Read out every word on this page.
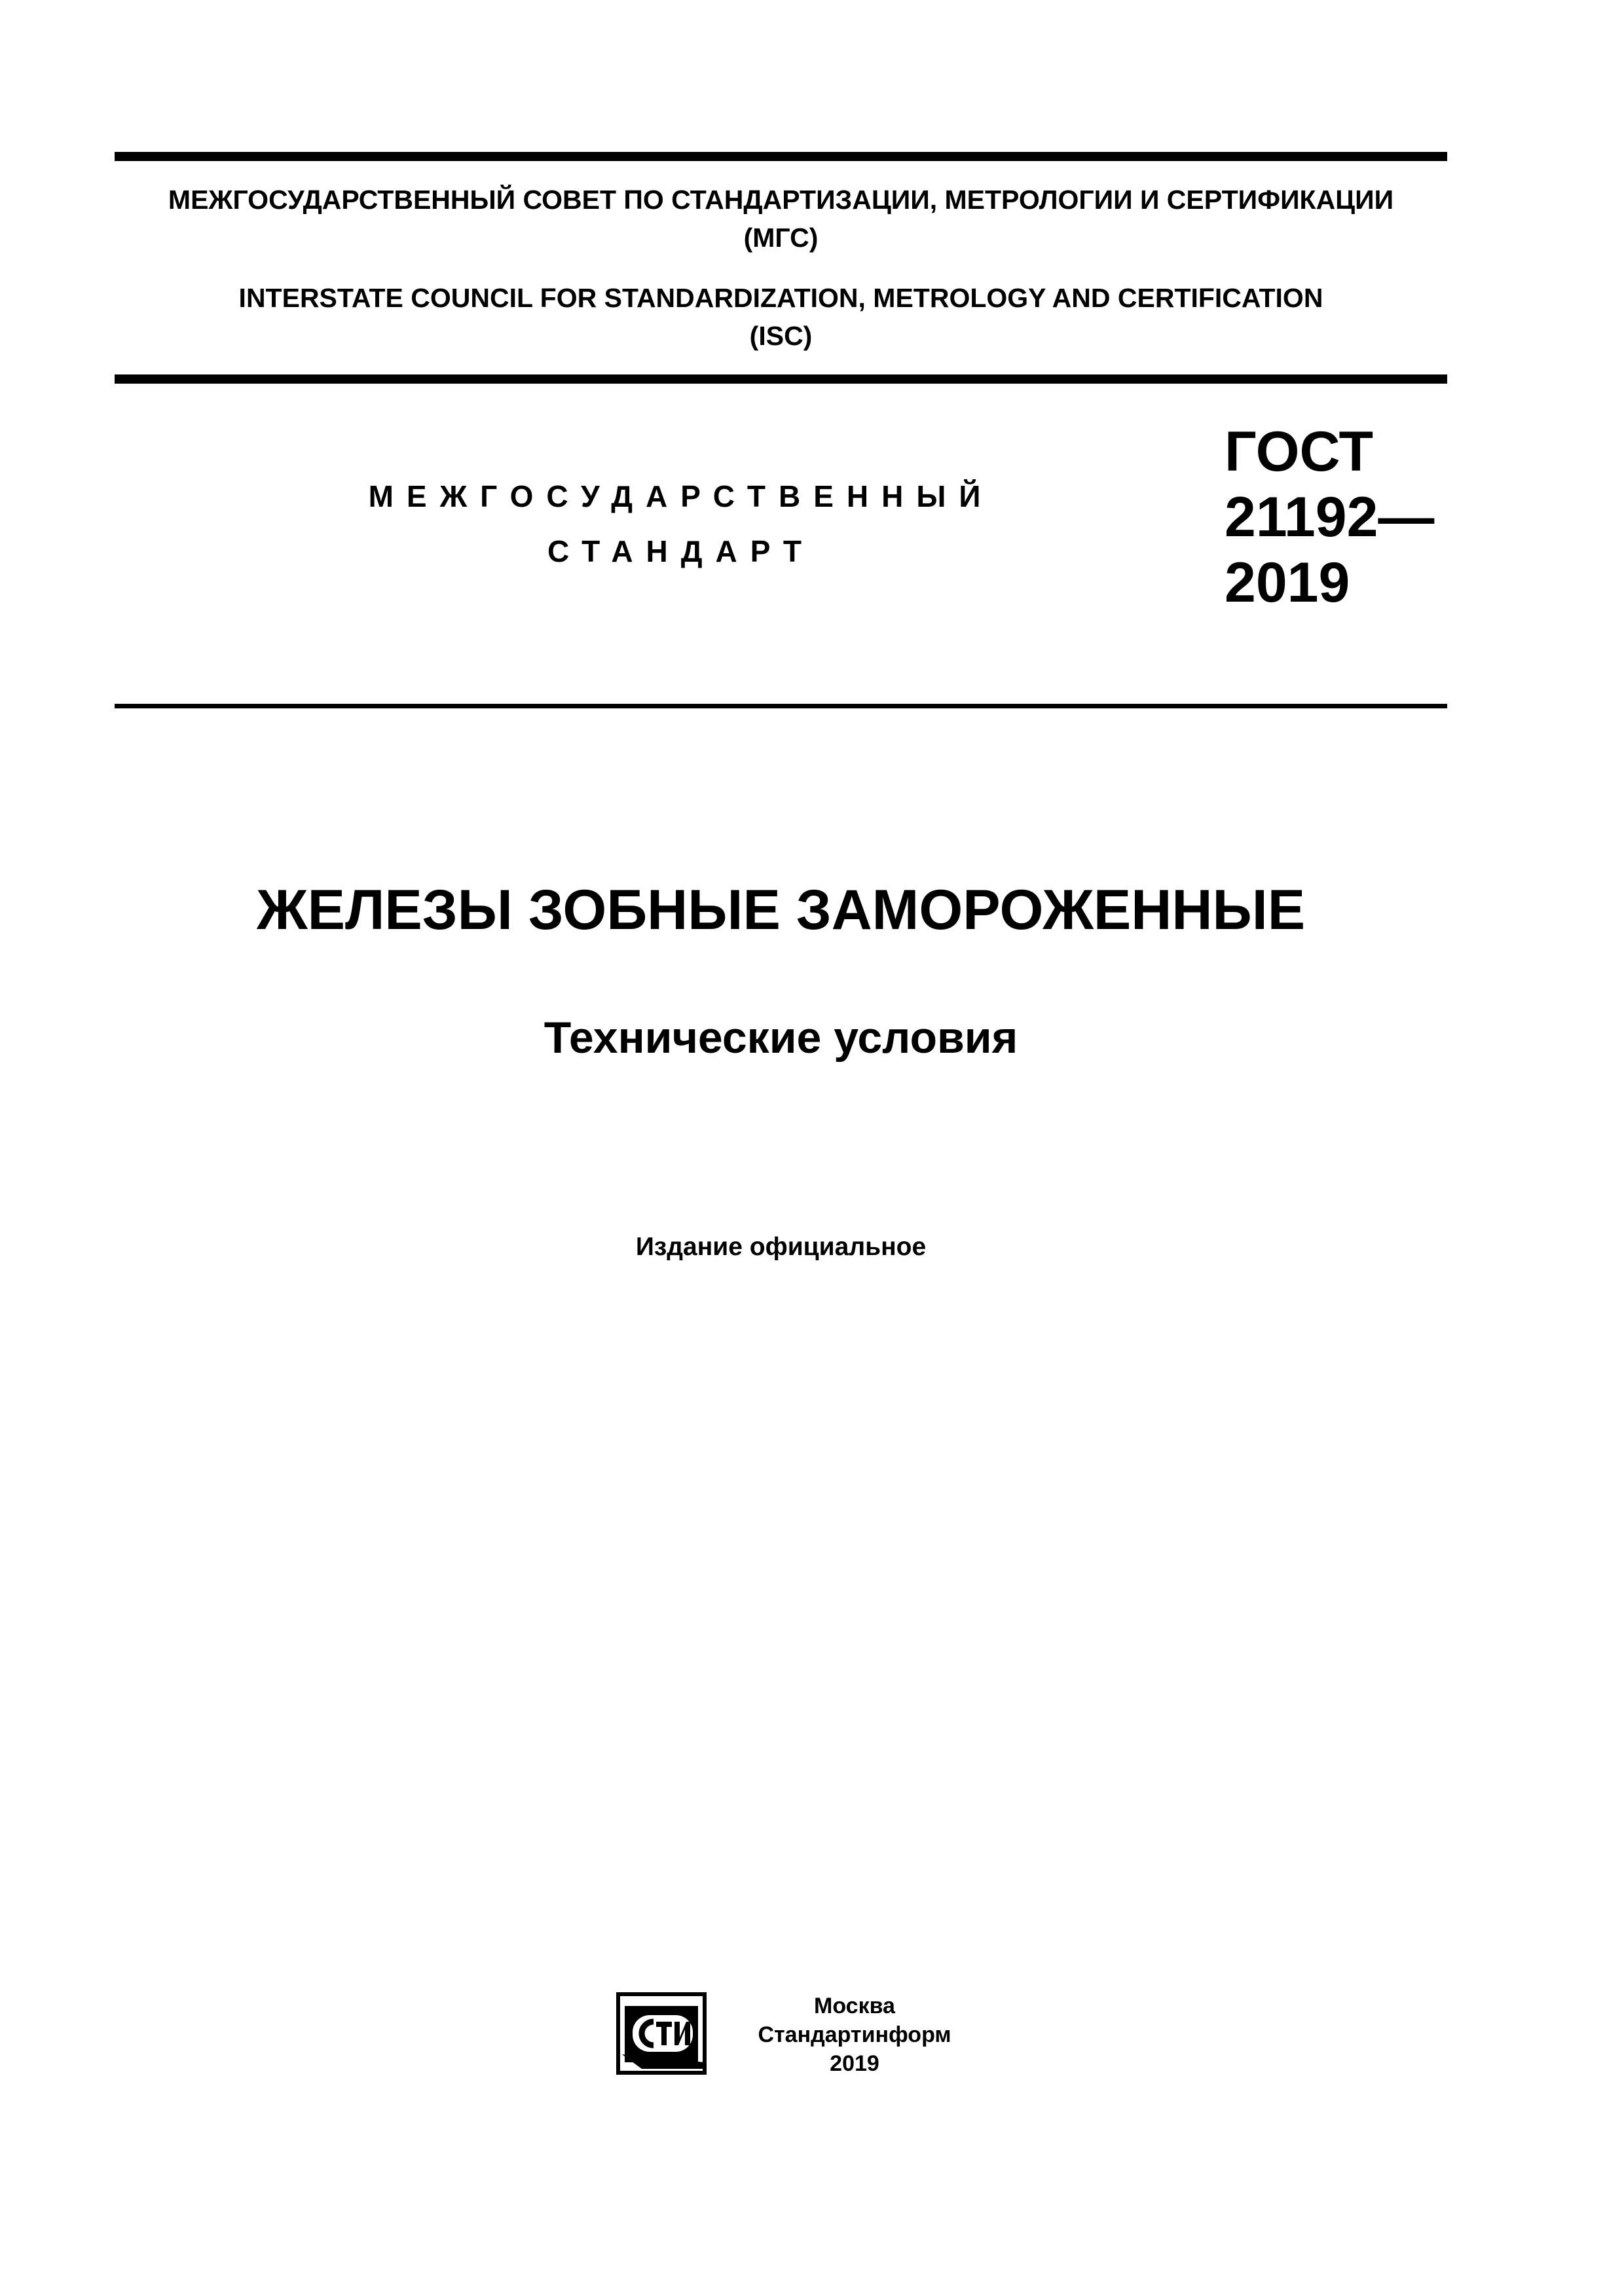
МЕЖГОСУДАРСТВЕННЫЙ СОВЕТ ПО СТАНДАРТИЗАЦИИ, МЕТРОЛОГИИ И СЕРТИФИКАЦИИ
(МГС)
INTERSTATE COUNCIL FOR STANDARDIZATION, METROLOGY AND CERTIFICATION
(ISC)
МЕЖГОСУДАРСТВЕННЫЙ
СТАНДАРТ
ГОСТ
21192—
2019
ЖЕЛЕЗЫ ЗОБНЫЕ ЗАМОРОЖЕННЫЕ
Технические условия
Издание официальное
Москва
Стандартинформ
2019
